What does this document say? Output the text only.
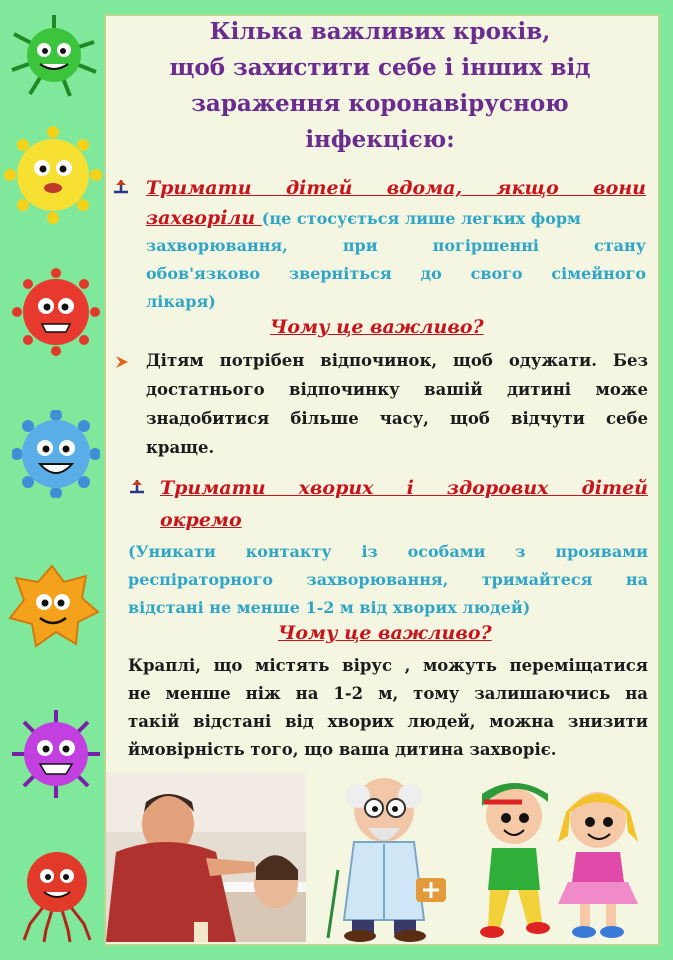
Кілька важливих кроків,
щоб захистити себе і інших від
зараження коронавірусною
інфекцією:
Тримати дітей вдома, якщо вони
захворіли (це стосується лише легких форм
захворювання, при погіршенні стану
обов'язково зверніться до свого сімейного
лікаря)
Чому це важливо?
Дітям потрібен відпочинок, щоб одужати. Без
достатнього відпочинку вашій дитині може
знадобитися більше часу, щоб відчути себе
краще.
Тримати хворих і здорових дітей
окремо
(Уникати контакту із особами з проявами
респіраторного захворювання, тримайтеся на
відстані не менше 1-2 м від хворих людей)
Чому це важливо?
Краплі, що містять вірус , можуть переміщатися
не менше ніж на 1-2 м, тому залишаючись на
такій відстані від хворих людей, можна знизити
ймовірність того, що ваша дитина захворіє.
